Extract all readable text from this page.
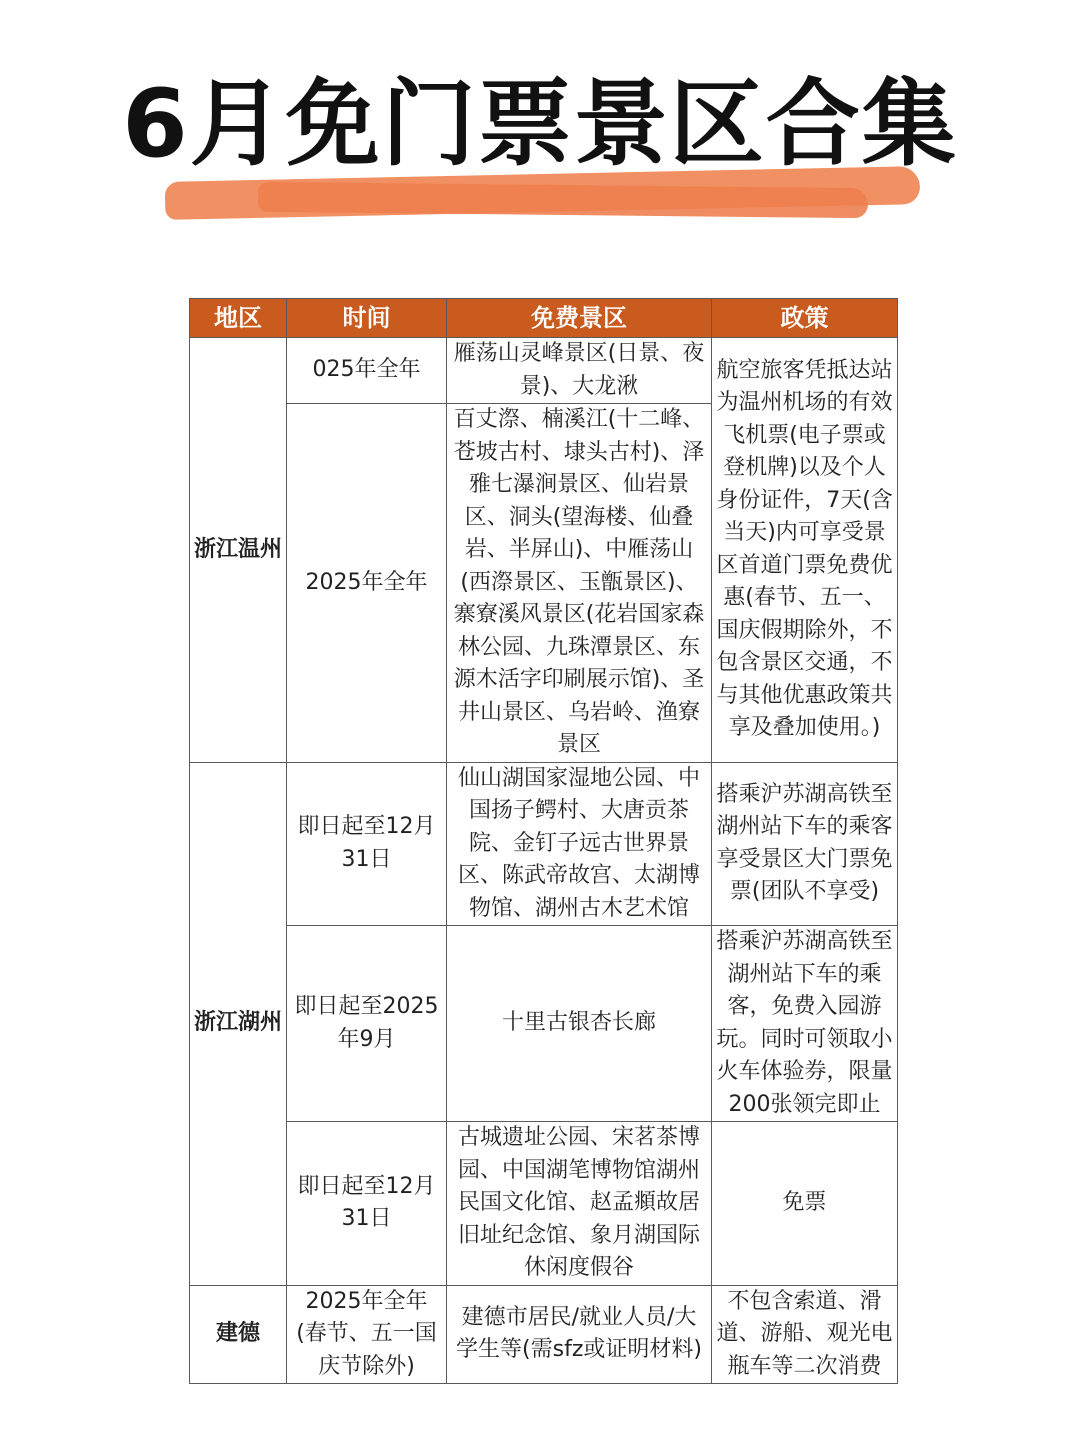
6月免门票景区合集
地区	时间	免费景区	政策
浙江温州	025年全年	雁荡山灵峰景区(日景、夜景)、大龙湫	航空旅客凭抵达站为温州机场的有效飞机票(电子票或登机牌)以及个人身份证件，7天(含当天)内可享受景区首道门票免费优惠(春节、五一、国庆假期除外，不包含景区交通，不与其他优惠政策共享及叠加使用。)
	2025年全年	百丈漈、楠溪江(十二峰、苍坡古村、埭头古村)、泽雅七瀑涧景区、仙岩景区、洞头(望海楼、仙叠岩、半屏山)、中雁荡山(西漈景区、玉甑景区)、寨寮溪风景区(花岩国家森林公园、九珠潭景区、东源木活字印刷展示馆)、圣井山景区、乌岩岭、渔寮景区	
浙江湖州	即日起至12月31日	仙山湖国家湿地公园、中国扬子鳄村、大唐贡茶院、金钉子远古世界景区、陈武帝故宫、太湖博物馆、湖州古木艺术馆	搭乘沪苏湖高铁至湖州站下车的乘客享受景区大门票免票(团队不享受)
	即日起至2025年9月	十里古银杏长廊	搭乘沪苏湖高铁至湖州站下车的乘客，免费入园游玩。同时可领取小火车体验券，限量200张领完即止
	即日起至12月31日	古城遗址公园、宋茗茶博园、中国湖笔博物馆湖州民国文化馆、赵孟頫故居旧址纪念馆、象月湖国际休闲度假谷	免票
建德	2025年全年(春节、五一国庆节除外)	建德市居民/就业人员/大学生等(需sfz或证明材料)	不包含索道、滑道、游船、观光电瓶车等二次消费
